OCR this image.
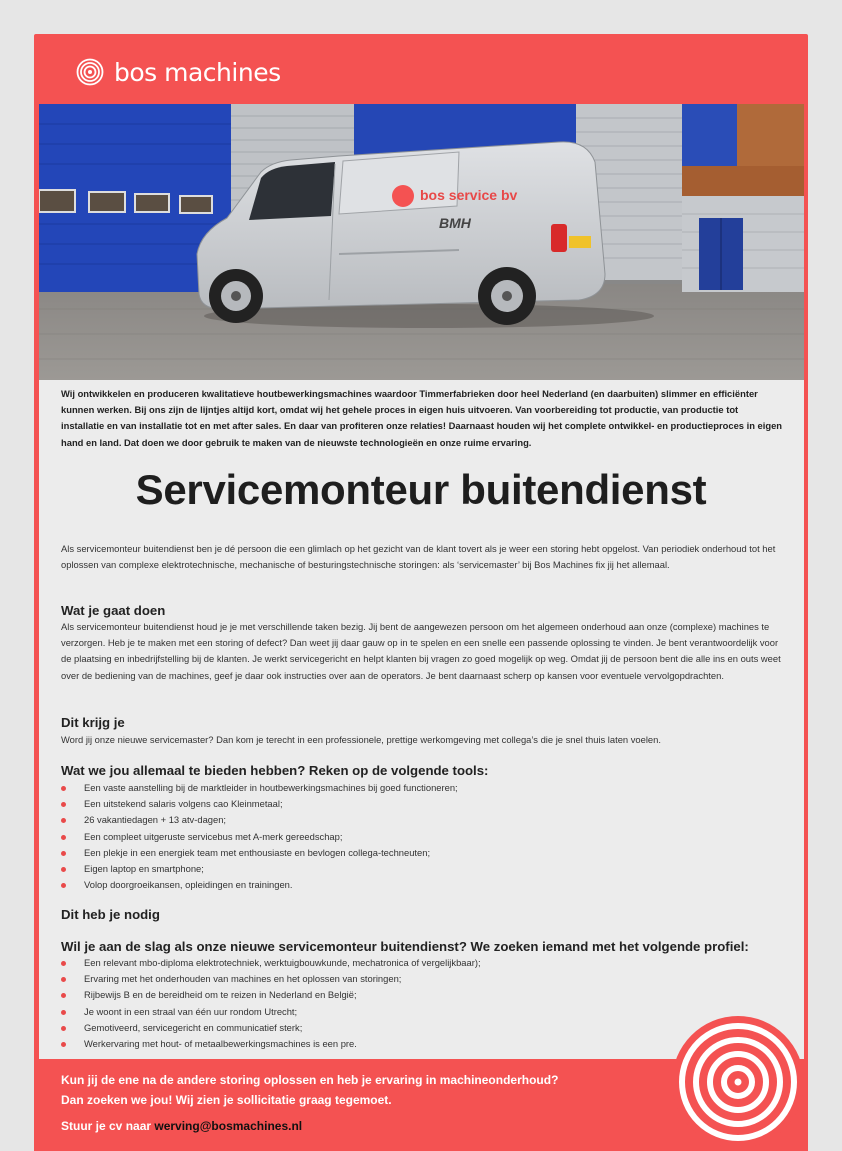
bos machines
bos service bv
BMH
Wij ontwikkelen en produceren kwalitatieve houtbewerkingsmachines waardoor Timmerfabrieken door heel Nederland (en daarbuiten) slimmer en efficiënter kunnen werken. Bij ons zijn de lijntjes altijd kort, omdat wij het gehele proces in eigen huis uitvoeren. Van voorbereiding tot productie, van productie tot installatie en van installatie tot en met after sales. En daar van profiteren onze relaties! Daarnaast houden wij het complete ontwikkel- en productieproces in eigen hand en land. Dat doen we door gebruik te maken van de nieuwste technologieën en onze ruime ervaring.
Servicemonteur buitendienst
Als servicemonteur buitendienst ben je dé persoon die een glimlach op het gezicht van de klant tovert als je weer een storing hebt opgelost. Van periodiek onderhoud tot het oplossen van complexe elektrotechnische, mechanische of besturingstechnische storingen: als ‘servicemaster’ bij Bos Machines fix jij het allemaal.
Wat je gaat doen
Als servicemonteur buitendienst houd je je met verschillende taken bezig. Jij bent de aangewezen persoon om het algemeen onderhoud aan onze (complexe) machines te verzorgen. Heb je te maken met een storing of defect? Dan weet jij daar gauw op in te spelen en een snelle een passende oplossing te vinden. Je bent verantwoordelijk voor de plaatsing en inbedrijfstelling bij de klanten. Je werkt servicegericht en helpt klanten bij vragen zo goed mogelijk op weg. Omdat jij de persoon bent die alle ins en outs weet over de bediening van de machines, geef je daar ook instructies over aan de operators. Je bent daarnaast scherp op kansen voor eventuele vervolgopdrachten.
Dit krijg je
Word jij onze nieuwe servicemaster? Dan kom je terecht in een professionele, prettige werkomgeving met collega’s die je snel thuis laten voelen.
Wat we jou allemaal te bieden hebben? Reken op de volgende tools:
Een vaste aanstelling bij de marktleider in houtbewerkingsmachines bij goed functioneren;
Een uitstekend salaris volgens cao Kleinmetaal;
26 vakantiedagen + 13 atv-dagen;
Een compleet uitgeruste servicebus met A-merk gereedschap;
Een plekje in een energiek team met enthousiaste en bevlogen collega-techneuten;
Eigen laptop en smartphone;
Volop doorgroeikansen, opleidingen en trainingen.
Dit heb je nodig
Wil je aan de slag als onze nieuwe servicemonteur buitendienst? We zoeken iemand met het volgende profiel:
Een relevant mbo-diploma elektrotechniek, werktuigbouwkunde, mechatronica of vergelijkbaar);
Ervaring met het onderhouden van machines en het oplossen van storingen;
Rijbewijs B en de bereidheid om te reizen in Nederland en België;
Je woont in een straal van één uur rondom Utrecht;
Gemotiveerd, servicegericht en communicatief sterk;
Werkervaring met hout- of metaalbewerkingsmachines is een pre.
Kun jij de ene na de andere storing oplossen en heb je ervaring in machineonderhoud?
Dan zoeken we jou! Wij zien je sollicitatie graag tegemoet.
Stuur je cv naar werving@bosmachines.nl
